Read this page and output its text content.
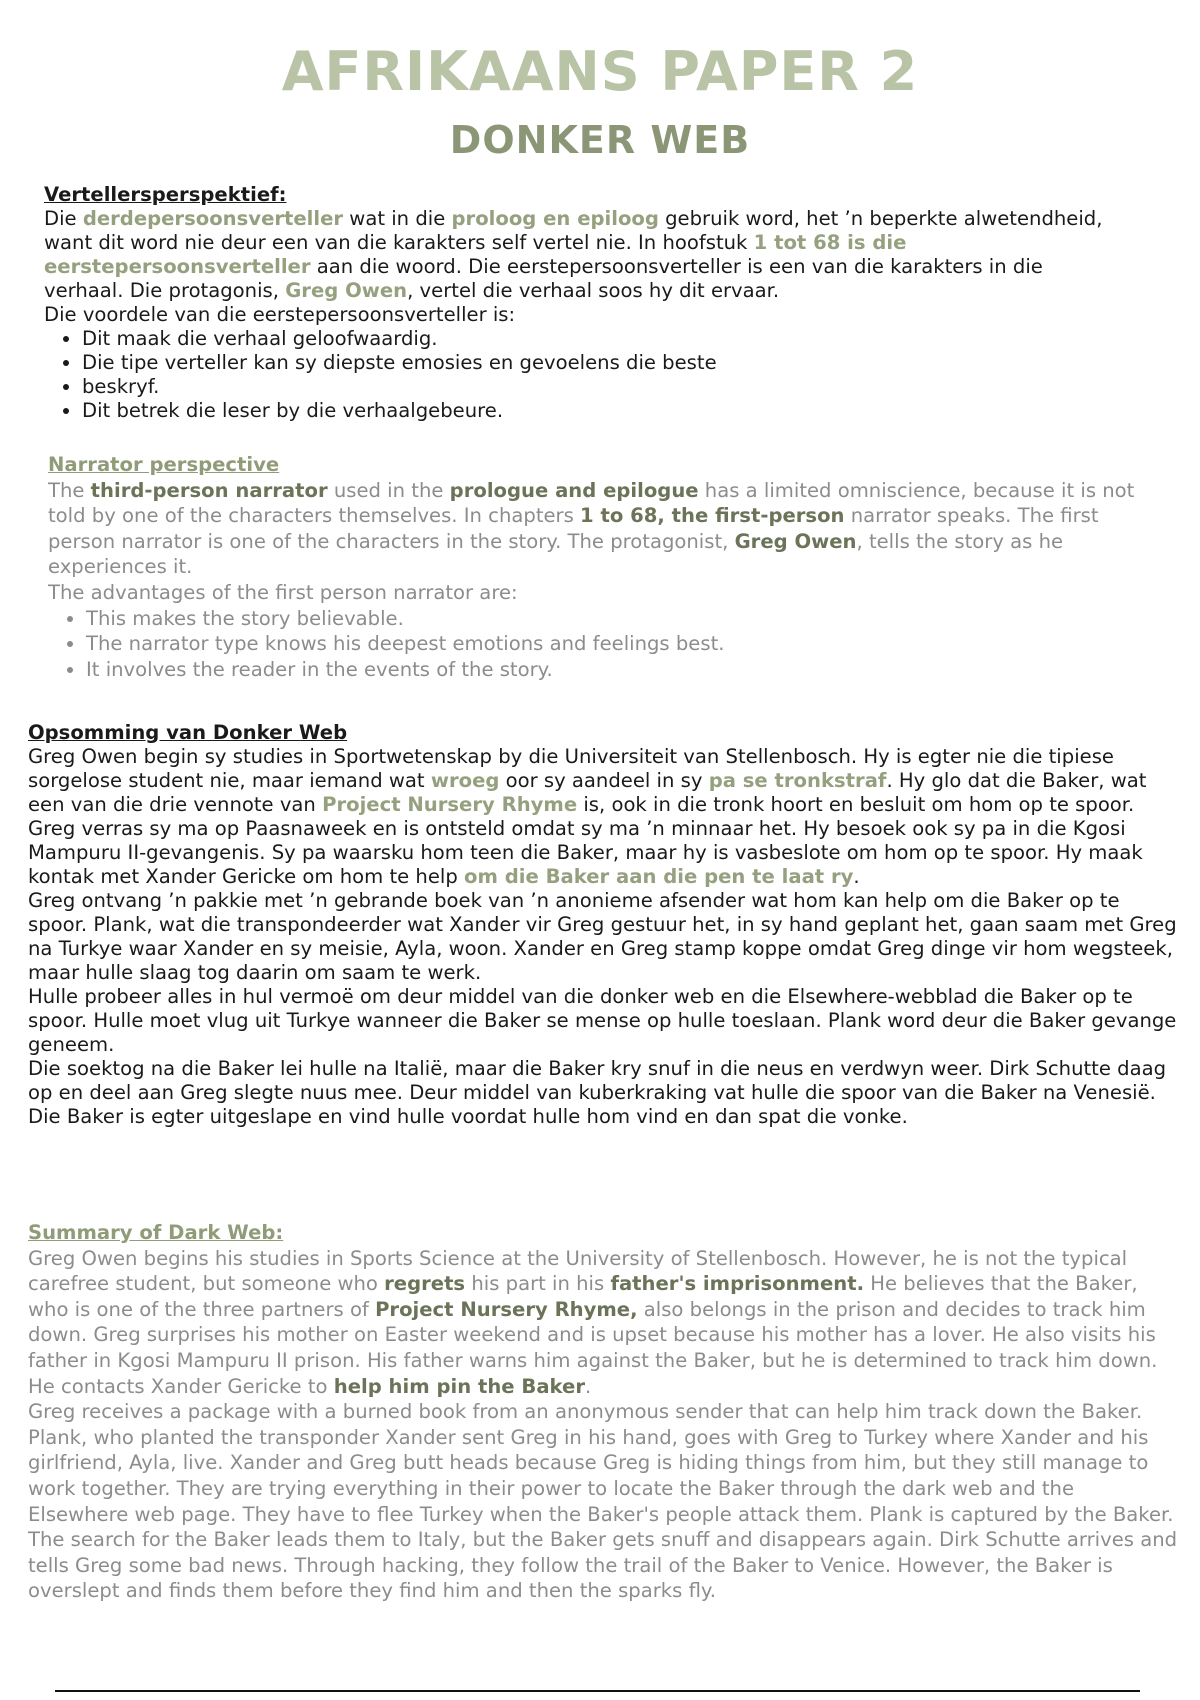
AFRIKAANS PAPER 2
DONKER WEB

Vertellersperspektief:

Die derdepersoonsverteller wat in die proloog en epiloog gebruik word, het ’n beperkte alwetendheid, want dit word nie deur een van die karakters self vertel nie. In hoofstuk 1 tot 68 is die eerstepersoonsverteller aan die woord. Die eerstepersoonsverteller is een van die karakters in die verhaal. Die protagonis, Greg Owen, vertel die verhaal soos hy dit ervaar.

Die voordele van die eerstepersoonsverteller is:

• Dit maak die verhaal geloofwaardig.
• Die tipe verteller kan sy diepste emosies en gevoelens die beste
• beskryf.
• Dit betrek die leser by die verhaalgebeure.

Narrator perspective

The third-person narrator used in the prologue and epilogue has a limited omniscience, because it is not told by one of the characters themselves. In chapters 1 to 68, the first-person narrator speaks. The first person narrator is one of the characters in the story. The protagonist, Greg Owen, tells the story as he experiences it.

The advantages of the first person narrator are:

• This makes the story believable.
• The narrator type knows his deepest emotions and feelings best.
• It involves the reader in the events of the story.

Opsomming van Donker Web

Greg Owen begin sy studies in Sportwetenskap by die Universiteit van Stellenbosch. Hy is egter nie die tipiese sorgelose student nie, maar iemand wat wroeg oor sy aandeel in sy pa se tronkstraf. Hy glo dat die Baker, wat een van die drie vennote van Project Nursery Rhyme is, ook in die tronk hoort en besluit om hom op te spoor. Greg verras sy ma op Paasnaweek en is ontsteld omdat sy ma ’n minnaar het. Hy besoek ook sy pa in die Kgosi Mampuru II-gevangenis. Sy pa waarsku hom teen die Baker, maar hy is vasbeslote om hom op te spoor. Hy maak kontak met Xander Gericke om hom te help om die Baker aan die pen te laat ry.

Greg ontvang ’n pakkie met ’n gebrande boek van ’n anonieme afsender wat hom kan help om die Baker op te spoor. Plank, wat die transpondeerder wat Xander vir Greg gestuur het, in sy hand geplant het, gaan saam met Greg na Turkye waar Xander en sy meisie, Ayla, woon. Xander en Greg stamp koppe omdat Greg dinge vir hom wegsteek, maar hulle slaag tog daarin om saam te werk.

Hulle probeer alles in hul vermoë om deur middel van die donker web en die Elsewhere-webblad die Baker op te spoor. Hulle moet vlug uit Turkye wanneer die Baker se mense op hulle toeslaan. Plank word deur die Baker gevange geneem.

Die soektog na die Baker lei hulle na Italië, maar die Baker kry snuf in die neus en verdwyn weer. Dirk Schutte daag op en deel aan Greg slegte nuus mee. Deur middel van kuberkraking vat hulle die spoor van die Baker na Venesië. Die Baker is egter uitgeslape en vind hulle voordat hulle hom vind en dan spat die vonke.

Summary of Dark Web:

Greg Owen begins his studies in Sports Science at the University of Stellenbosch. However, he is not the typical carefree student, but someone who regrets his part in his father's imprisonment. He believes that the Baker, who is one of the three partners of Project Nursery Rhyme, also belongs in the prison and decides to track him down. Greg surprises his mother on Easter weekend and is upset because his mother has a lover. He also visits his father in Kgosi Mampuru II prison. His father warns him against the Baker, but he is determined to track him down. He contacts Xander Gericke to help him pin the Baker.

Greg receives a package with a burned book from an anonymous sender that can help him track down the Baker. Plank, who planted the transponder Xander sent Greg in his hand, goes with Greg to Turkey where Xander and his girlfriend, Ayla, live. Xander and Greg butt heads because Greg is hiding things from him, but they still manage to work together. They are trying everything in their power to locate the Baker through the dark web and the Elsewhere web page. They have to flee Turkey when the Baker's people attack them. Plank is captured by the Baker. The search for the Baker leads them to Italy, but the Baker gets snuff and disappears again. Dirk Schutte arrives and tells Greg some bad news. Through hacking, they follow the trail of the Baker to Venice. However, the Baker is overslept and finds them before they find him and then the sparks fly.
